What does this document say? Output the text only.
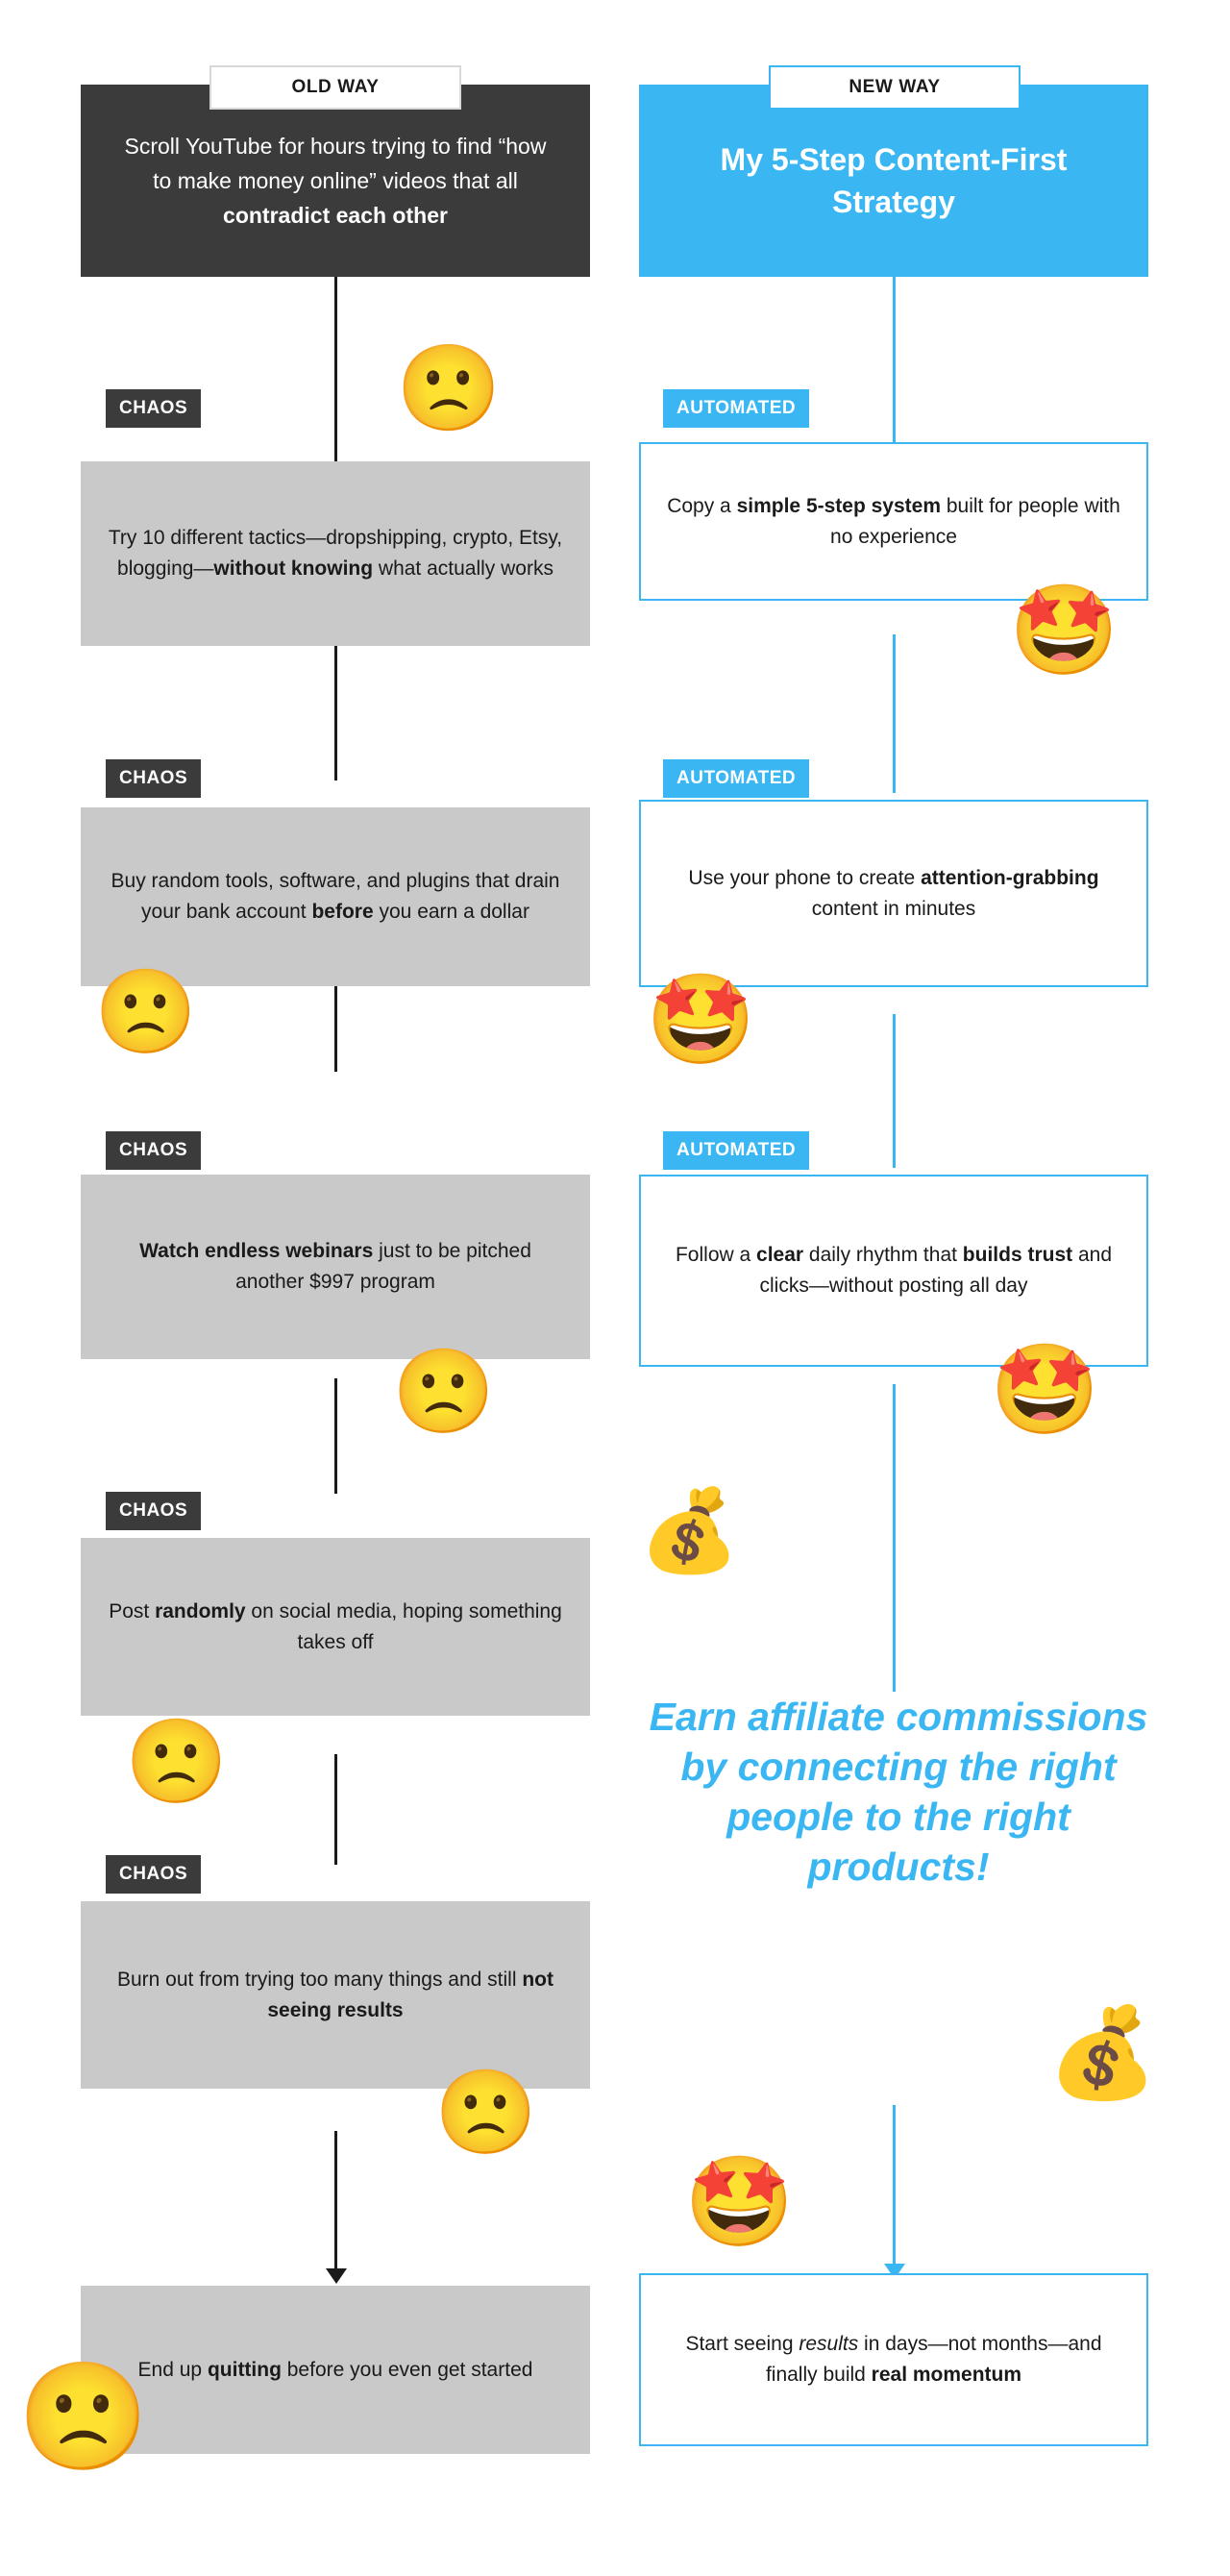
Scroll YouTube for hours trying to find “how to make money online” videos that all contradict each other
OLD WAY
CHAOS
Try 10 different tactics—dropshipping, crypto, Etsy, blogging—without knowing what actually works
CHAOS
Buy random tools, software, and plugins that drain your bank account before you earn a dollar
CHAOS
Watch endless webinars just to be pitched another $997 program
CHAOS
Post randomly on social media, hoping something takes off
CHAOS
Burn out from trying too many things and still not seeing results
End up quitting before you even get started
🙁
🙁
🙁
🙁
🙁
🙁
My 5-Step Content-First Strategy
NEW WAY
AUTOMATED
Copy a simple 5-step system built for people with no experience
AUTOMATED
Use your phone to create attention-grabbing content in minutes
AUTOMATED
Follow a clear daily rhythm that builds trust and clicks—without posting all day
Earn affiliate commissions by connecting the right people to the right products!
Start seeing results in days—not months—and finally build real momentum
🤩
🤩
🤩
💰
💰
🤩
